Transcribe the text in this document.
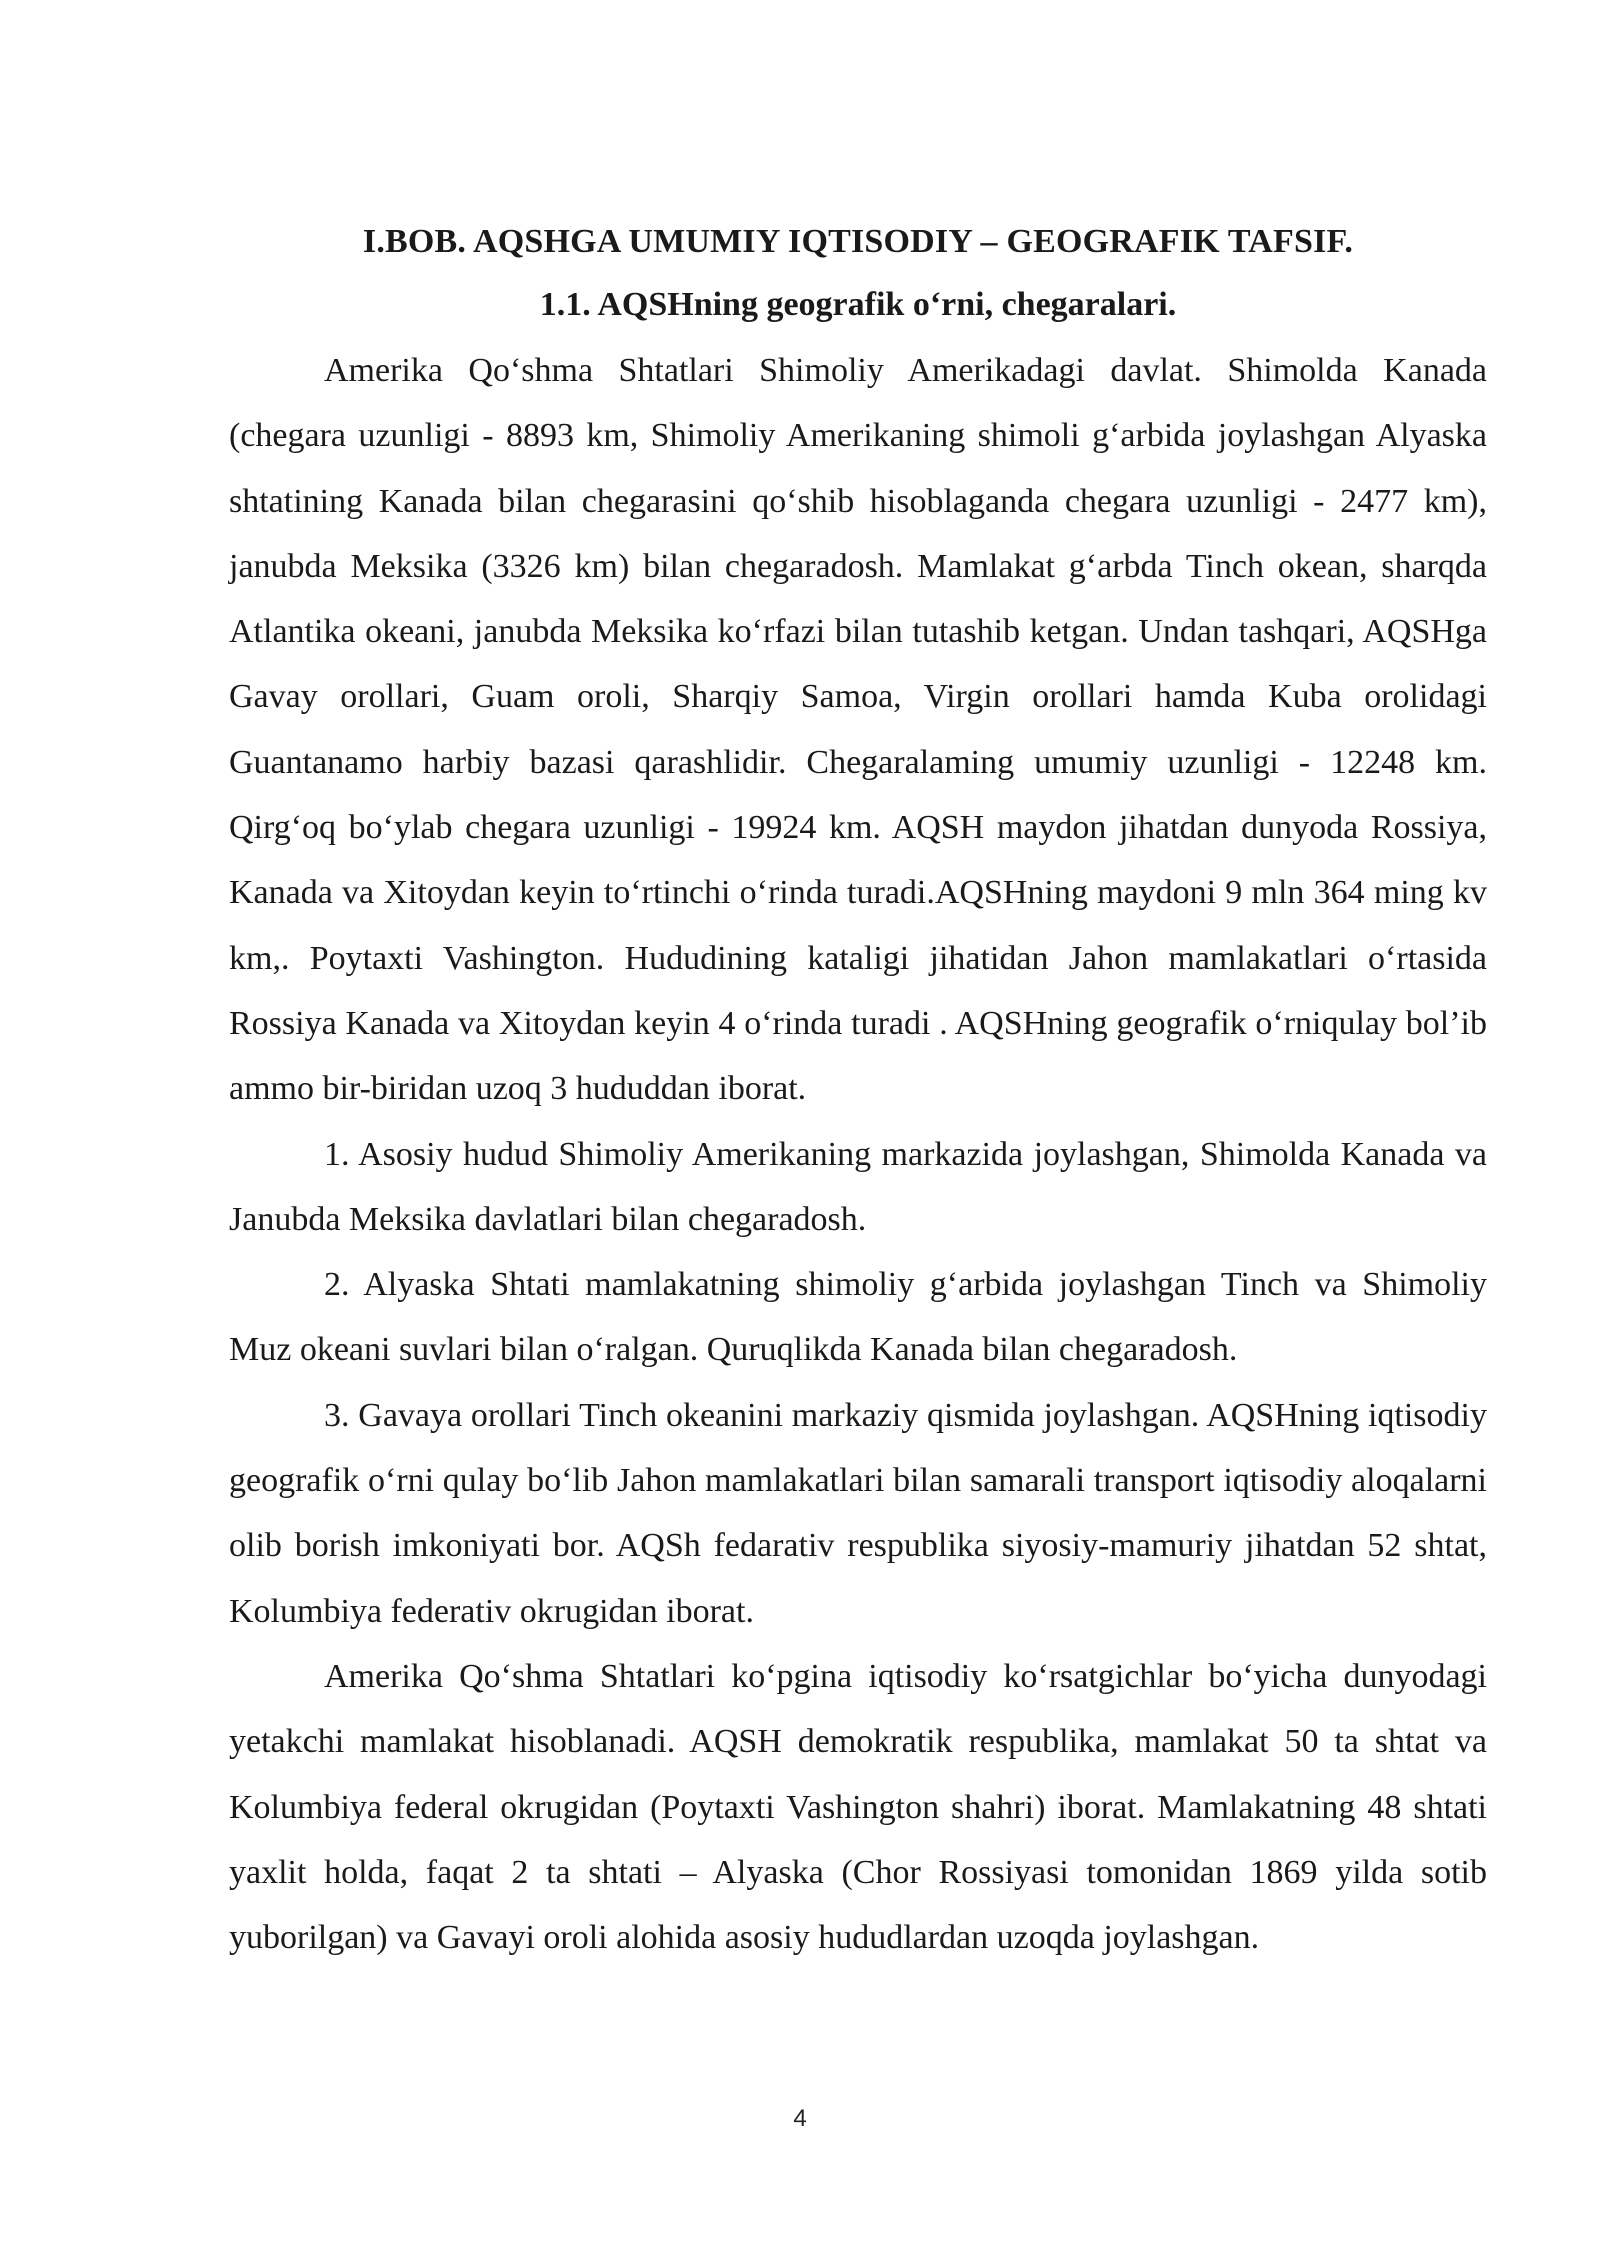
I.BOB. AQSHGA UMUMIY IQTISODIY – GEOGRAFIK TAFSIF.
1.1. AQSHning geografik o‘rni, chegaralari.

Amerika Qo‘shma Shtatlari Shimoliy Amerikadagi davlat. Shimolda Kanada (chegara uzunligi - 8893 km, Shimoliy Amerikaning shimoli g‘arbida joylashgan Alyaska shtatining Kanada bilan chegarasini qo‘shib hisoblaganda chegara uzunligi - 2477 km), janubda Meksika (3326 km) bilan chegaradosh. Mamlakat g‘arbda Tinch okean, sharqda Atlantika okeani, janubda Meksika ko‘rfazi bilan tutashib ketgan. Undan tashqari, AQSHga Gavay orollari, Guam oroli, Sharqiy Samoa, Virgin orollari hamda Kuba orolidagi Guantanamo harbiy bazasi qarashlidir. Chegaralaming umumiy uzunligi - 12248 km. Qirg‘oq bo‘ylab chegara uzunligi - 19924 km. AQSH maydon jihatdan dunyoda Rossiya, Kanada va Xitoydan keyin to‘rtinchi o‘rinda turadi.AQSHning maydoni 9 mln 364 ming kv km,. Poytaxti Vashington. Hududining kataligi jihatidan Jahon mamlakatlari o‘rtasida Rossiya Kanada va Xitoydan keyin 4 o‘rinda turadi . AQSHning geografik o‘rniqulay bol’ib ammo bir-biridan uzoq 3 hududdan iborat.

1. Asosiy hudud Shimoliy Amerikaning markazida joylashgan, Shimolda Kanada va Janubda Meksika davlatlari bilan chegaradosh.

2. Alyaska Shtati mamlakatning shimoliy g‘arbida joylashgan Tinch va Shimoliy Muz okeani suvlari bilan o‘ralgan. Quruqlikda Kanada bilan chegaradosh.

3. Gavaya orollari Tinch okeanini markaziy qismida joylashgan. AQSHning iqtisodiy geografik o‘rni qulay bo‘lib Jahon mamlakatlari bilan samarali transport iqtisodiy aloqalarni olib borish imkoniyati bor. AQSh fedarativ respublika siyosiy-mamuriy jihatdan 52 shtat, Kolumbiya federativ okrugidan iborat.

Amerika Qo‘shma Shtatlari ko‘pgina iqtisodiy ko‘rsatgichlar bo‘yicha dunyodagi yetakchi mamlakat hisoblanadi. AQSH demokratik respublika, mamlakat 50 ta shtat va Kolumbiya federal okrugidan (Poytaxti Vashington shahri) iborat. Mamlakatning 48 shtati yaxlit holda, faqat 2 ta shtati – Alyaska (Chor Rossiyasi tomonidan 1869 yilda sotib yuborilgan) va Gavayi oroli alohida asosiy hududlardan uzoqda joylashgan.

4
